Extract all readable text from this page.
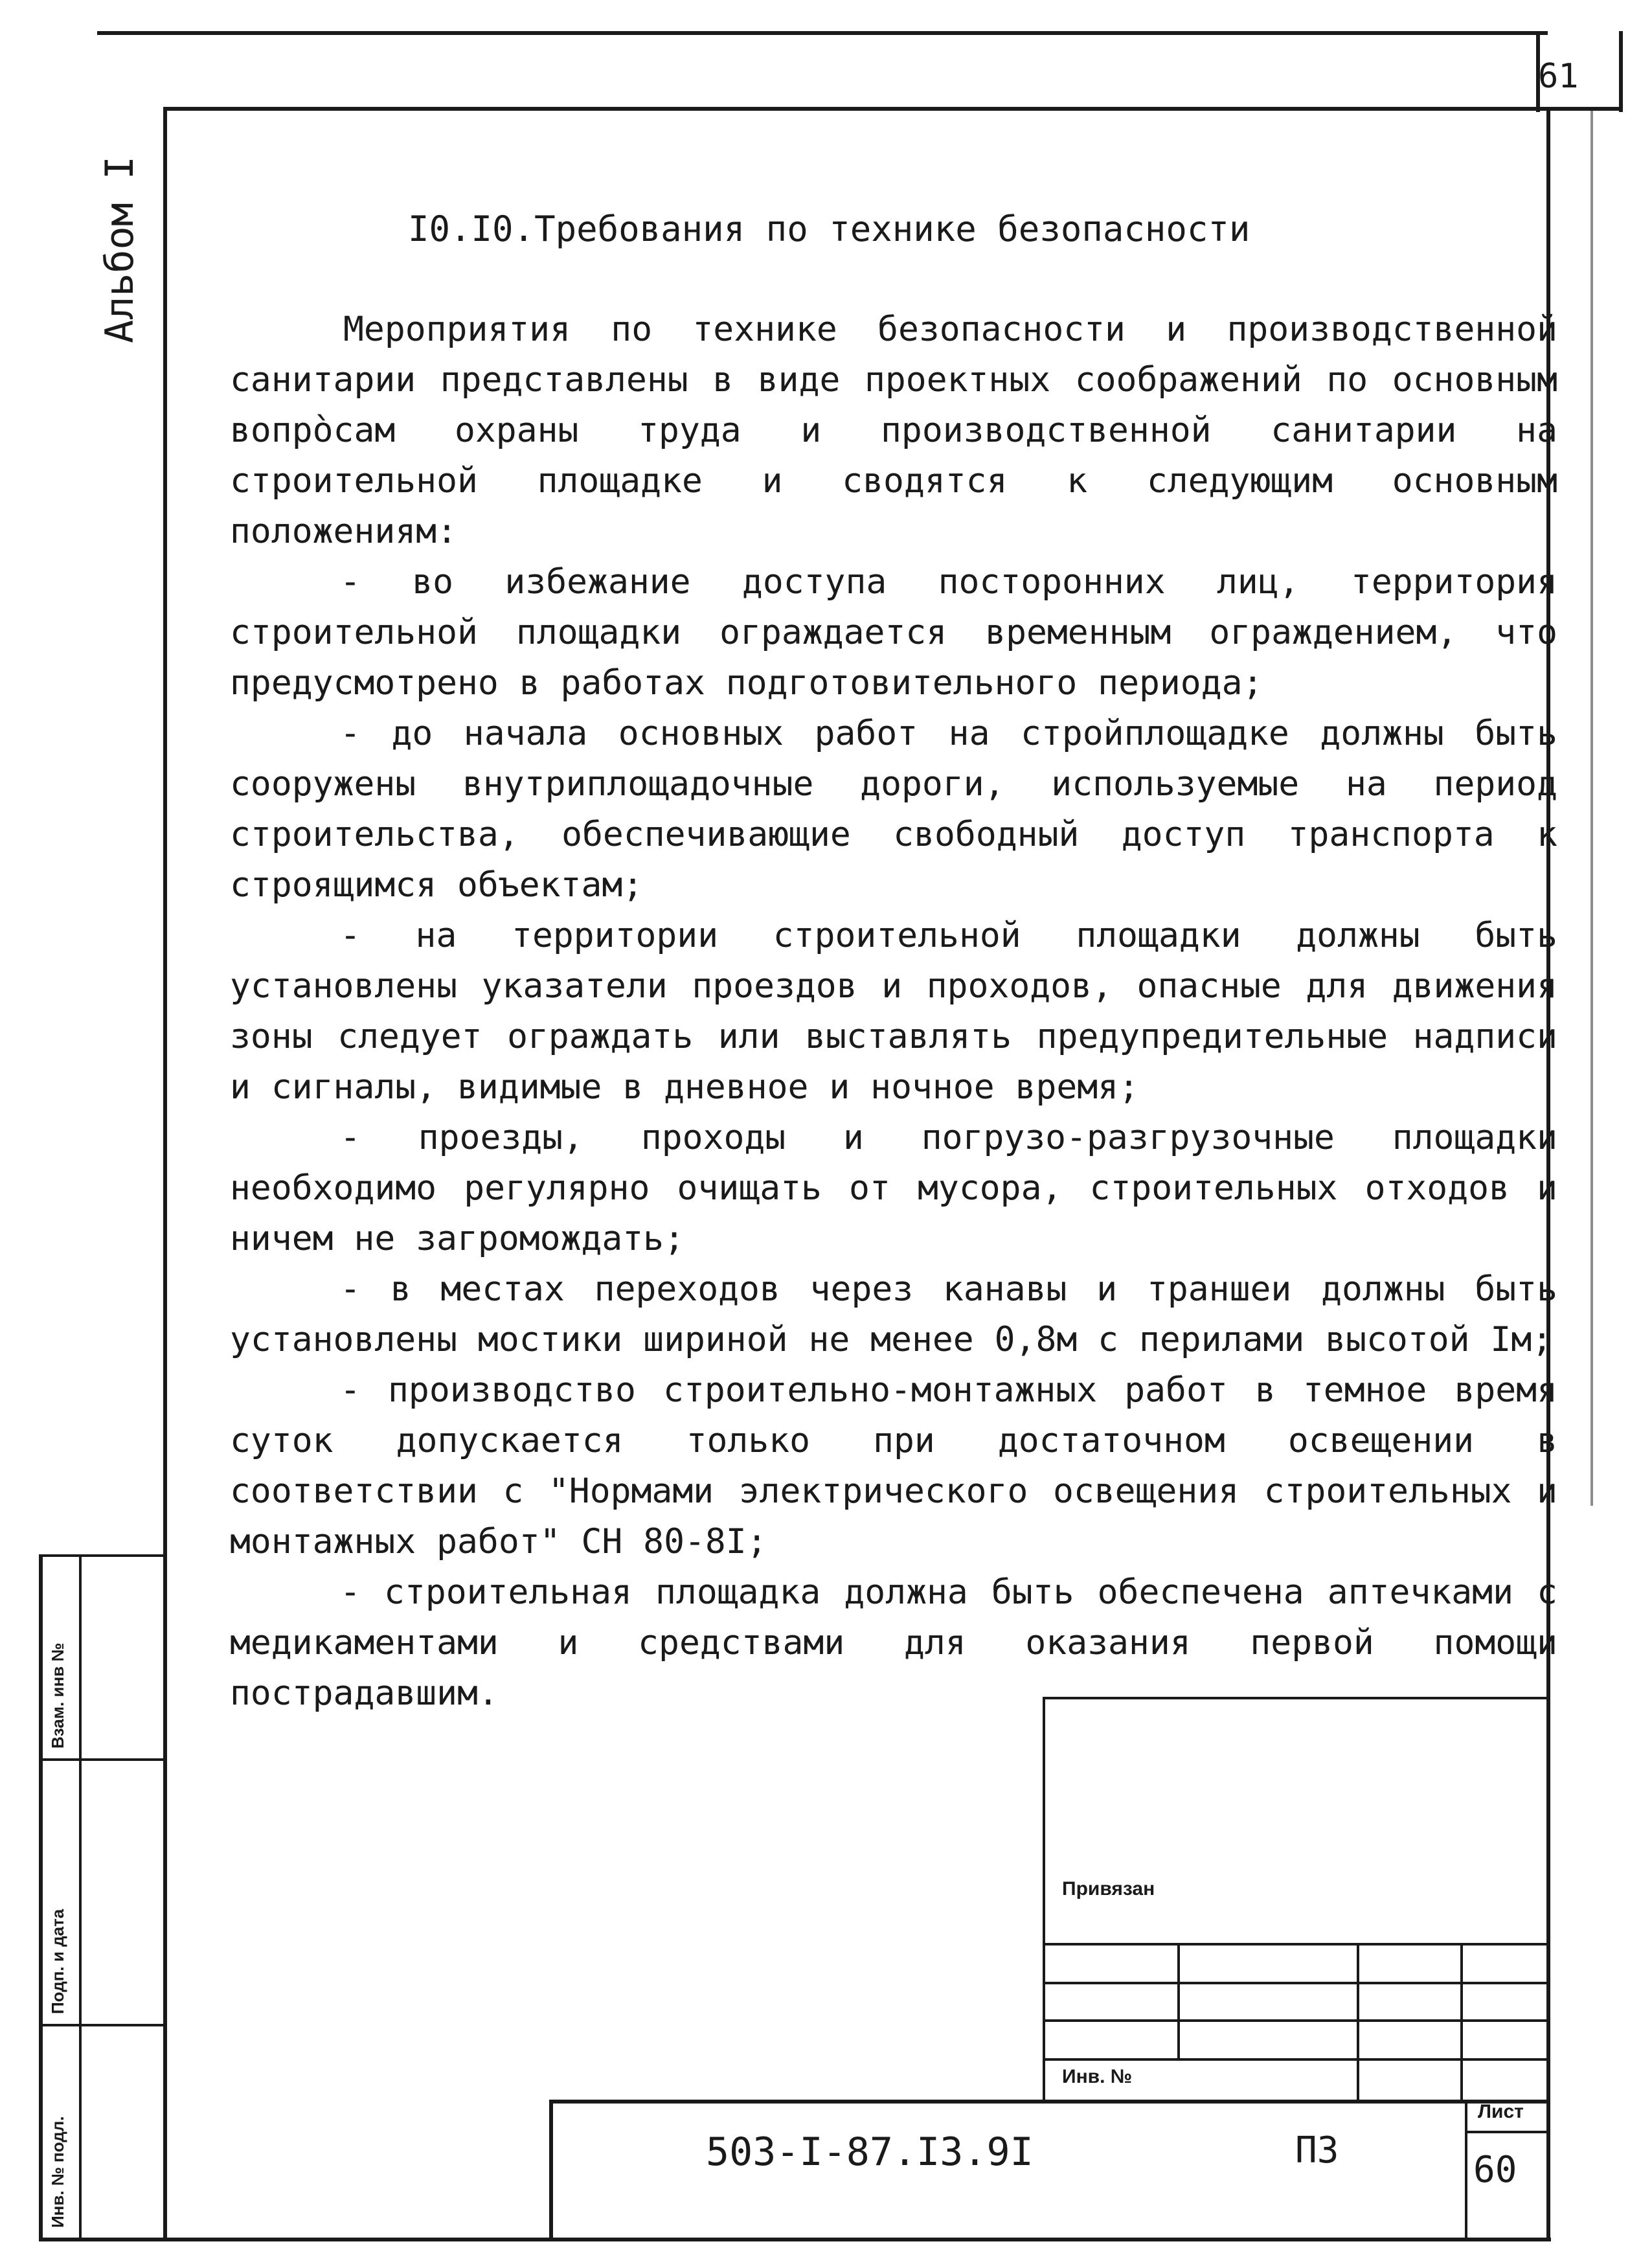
61
Альбом I	I0.I0.Требования по технике безопасности

Мероприятия по технике безопасности и производственной санитарии представлены в виде проектных соображений по основным вопрòсам охраны труда и производственной санитарии на строительной площадке и сводятся к следующим основным положениям:

- во избежание доступа посторонних лиц, территория строительной площадки ограждается временным ограждением, что предусмотрено в работах подготовительного периода;

- до начала основных работ на стройплощадке должны быть сооружены внутриплощадочные дороги, используемые на период строительства, обеспечивающие свободный доступ транспорта к строящимся объектам;

- на территории строительной площадки должны быть установлены указатели проездов и проходов, опасные для движения зоны следует ограждать или выставлять предупредительные надписи и сигналы, видимые в дневное и ночное время;

- проезды, проходы и погрузо-разгрузочные площадки необходимо регулярно очищать от мусора, строительных отходов и ничем не загромождать;

- в местах переходов через канавы и траншеи должны быть установлены мостики шириной не менее 0,8м с перилами высотой Iм;

- производство строительно-монтажных работ в темное время суток допускается только при достаточном освещении в соответствии с "Нормами электрического освещения строительных и монтажных работ" СН 80-8I;

- строительная площадка должна быть обеспечена аптечками с медикаментами и средствами для оказания первой помощи пострадавшим.

Взам. инв №
Подп. и дата
Инв. № подл.
Привязан
Инв. №
503-I-87.I3.9I	ПЗ
Лист
60
